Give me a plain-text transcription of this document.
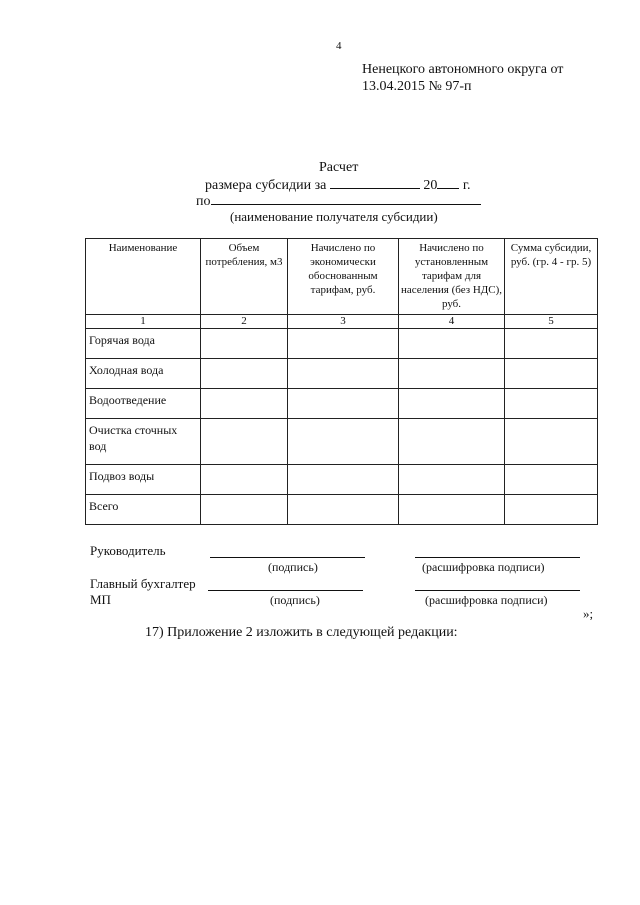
4
Ненецкого автономного округа от
13.04.2015 № 97-п
Расчет
размера субсидии за	20 г.
по
(наименование получателя субсидии)
Наименование	Объем потребления, м3	Начислено по экономически обоснованным тарифам, руб.	Начислено по установленным тарифам для населения (без НДС), руб.	Сумма субсидии, руб. (гр. 4 - гр. 5)
1	2	3	4	5
Горячая вода				
Холодная вода				
Водоотведение				
Очистка сточных вод				
Подвоз воды				
Всего				
Руководитель
(подпись)	(расшифровка подписи)
Главный бухгалтер
МП	(подпись)	(расшифровка подписи)
»;
17) Приложение 2 изложить в следующей редакции:
